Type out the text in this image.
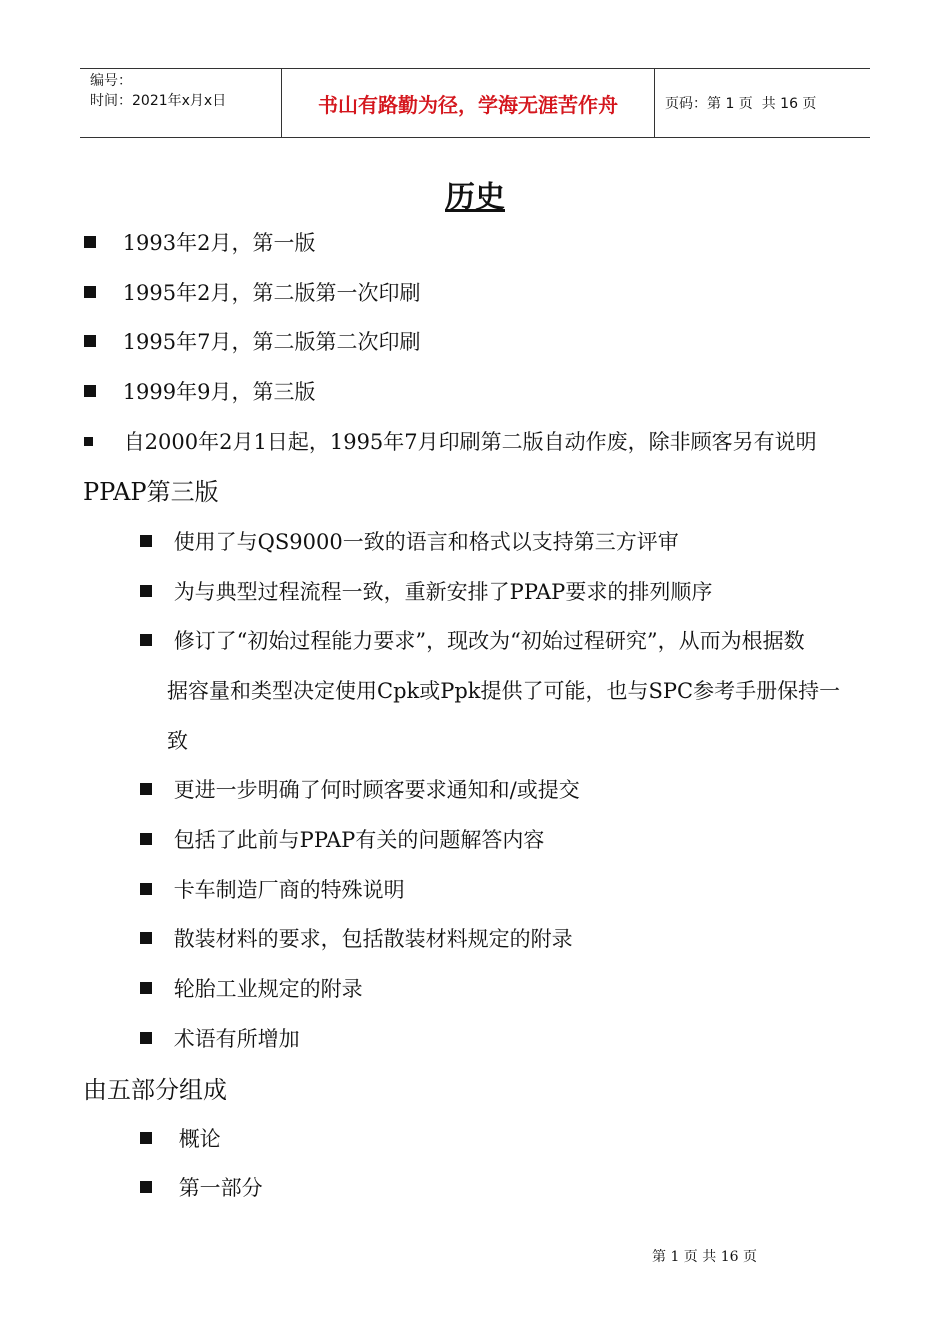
编号：
时间：2021年x月x日	书山有路勤为径，学海无涯苦作舟	页码：第 1 页  共 16 页
历史
1993年2月，第一版
1995年2月，第二版第一次印刷
1995年7月，第二版第二次印刷
1999年9月，第三版
自2000年2月1日起，1995年7月印刷第二版自动作废，除非顾客另有说明
PPAP第三版
使用了与QS9000一致的语言和格式以支持第三方评审
为与典型过程流程一致，重新安排了PPAP要求的排列顺序
修订了“初始过程能力要求”，现改为“初始过程研究”，从而为根据数
据容量和类型决定使用Cpk或Ppk提供了可能，也与SPC参考手册保持一
致
更进一步明确了何时顾客要求通知和/或提交
包括了此前与PPAP有关的问题解答内容
卡车制造厂商的特殊说明
散装材料的要求，包括散装材料规定的附录
轮胎工业规定的附录
术语有所增加
由五部分组成
概论
第一部分
第 1 页 共 16 页
